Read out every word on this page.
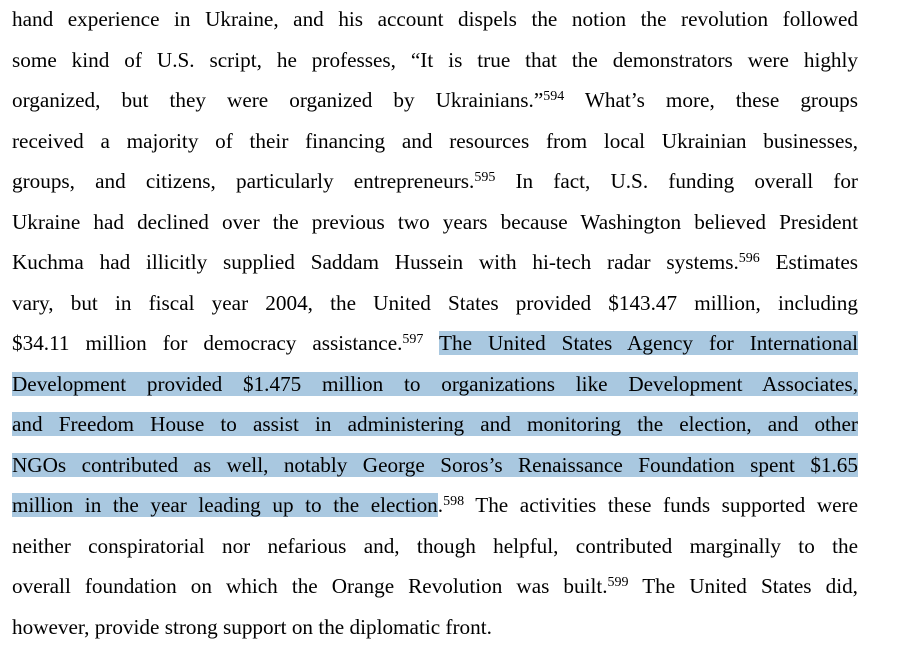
hand experience in Ukraine, and his account dispels the notion the revolution followed
some kind of U.S. script, he professes, “It is true that the demonstrators were highly
organized, but they were organized by Ukrainians.”$^{594}$ What’s more, these groups
received a majority of their financing and resources from local Ukrainian businesses,
groups, and citizens, particularly entrepreneurs.$^{595}$ In fact, U.S. funding overall for
Ukraine had declined over the previous two years because Washington believed President
Kuchma had illicitly supplied Saddam Hussein with hi-tech radar systems.$^{596}$ Estimates
vary, but in fiscal year 2004, the United States provided $143.47 million, including
$34.11 million for democracy assistance.$^{597}$ The United States Agency for International
Development provided $1.475 million to organizations like Development Associates,
and Freedom House to assist in administering and monitoring the election, and other
NGOs contributed as well, notably George Soros’s Renaissance Foundation spent $1.65
million in the year leading up to the election.$^{598}$ The activities these funds supported were
neither conspiratorial nor nefarious and, though helpful, contributed marginally to the
overall foundation on which the Orange Revolution was built.$^{599}$ The United States did,
however, provide strong support on the diplomatic front.
